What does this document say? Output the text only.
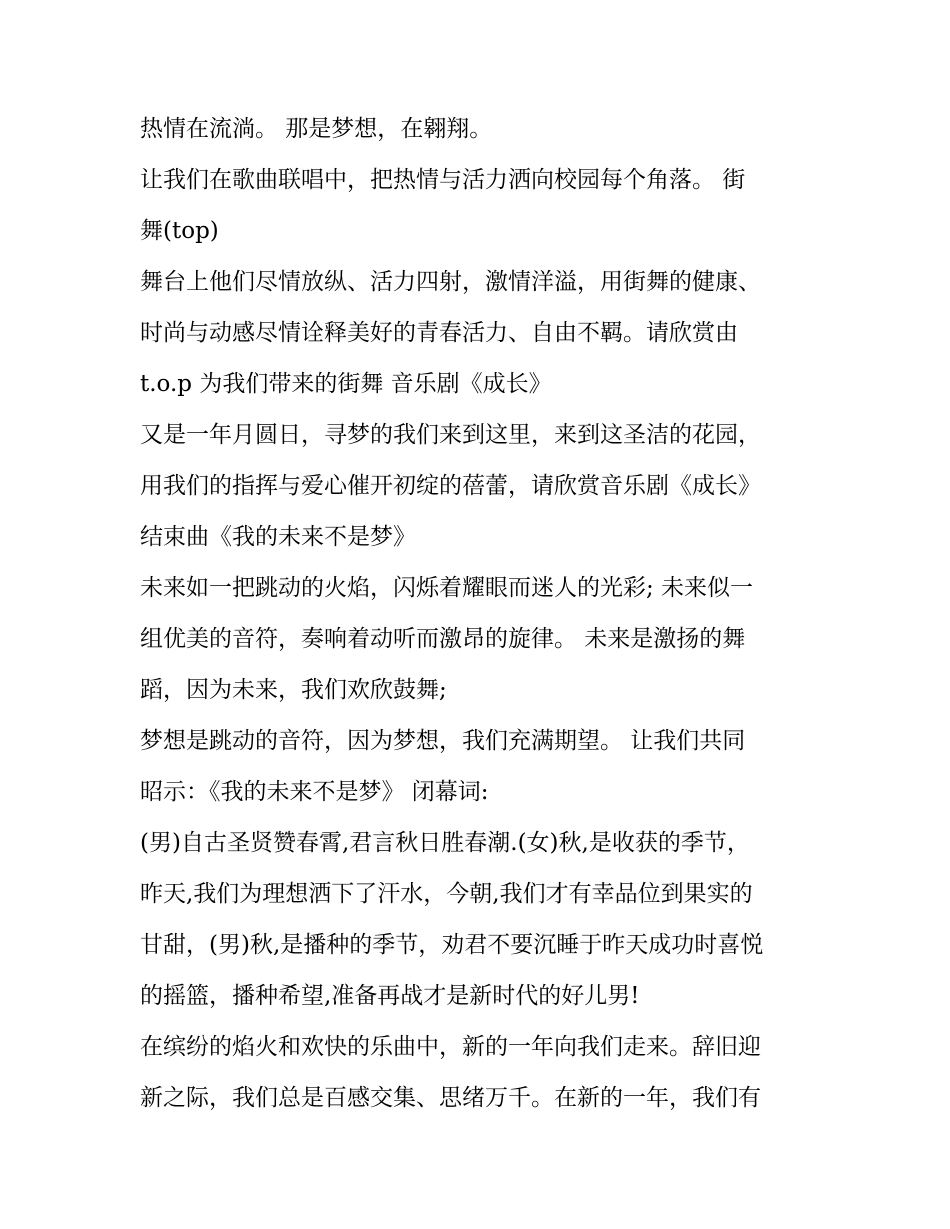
热情在流淌。 那是梦想，在翱翔。
让我们在歌曲联唱中，把热情与活力洒向校园每个角落。 街
舞(top)
舞台上他们尽情放纵、活力四射，激情洋溢，用街舞的健康、
时尚与动感尽情诠释美好的青春活力、自由不羁。请欣赏由
t.o.p 为我们带来的街舞 音乐剧《成长》
又是一年月圆日，寻梦的我们来到这里，来到这圣洁的花园，
用我们的指挥与爱心催开初绽的蓓蕾，请欣赏音乐剧《成长》
结束曲《我的未来不是梦》
未来如一把跳动的火焰，闪烁着耀眼而迷人的光彩; 未来似一
组优美的音符，奏响着动听而激昂的旋律。 未来是激扬的舞
蹈，因为未来，我们欢欣鼓舞;
梦想是跳动的音符，因为梦想，我们充满期望。 让我们共同
昭示：《我的未来不是梦》 闭幕词:
(男)自古圣贤赞春霄,君言秋日胜春潮.(女)秋,是收获的季节，
昨天,我们为理想洒下了汗水，今朝,我们才有幸品位到果实的
甘甜，(男)秋,是播种的季节，劝君不要沉睡于昨天成功时喜悦
的摇篮，播种希望,准备再战才是新时代的好儿男!
在缤纷的焰火和欢快的乐曲中，新的一年向我们走来。辞旧迎
新之际，我们总是百感交集、思绪万千。在新的一年，我们有
